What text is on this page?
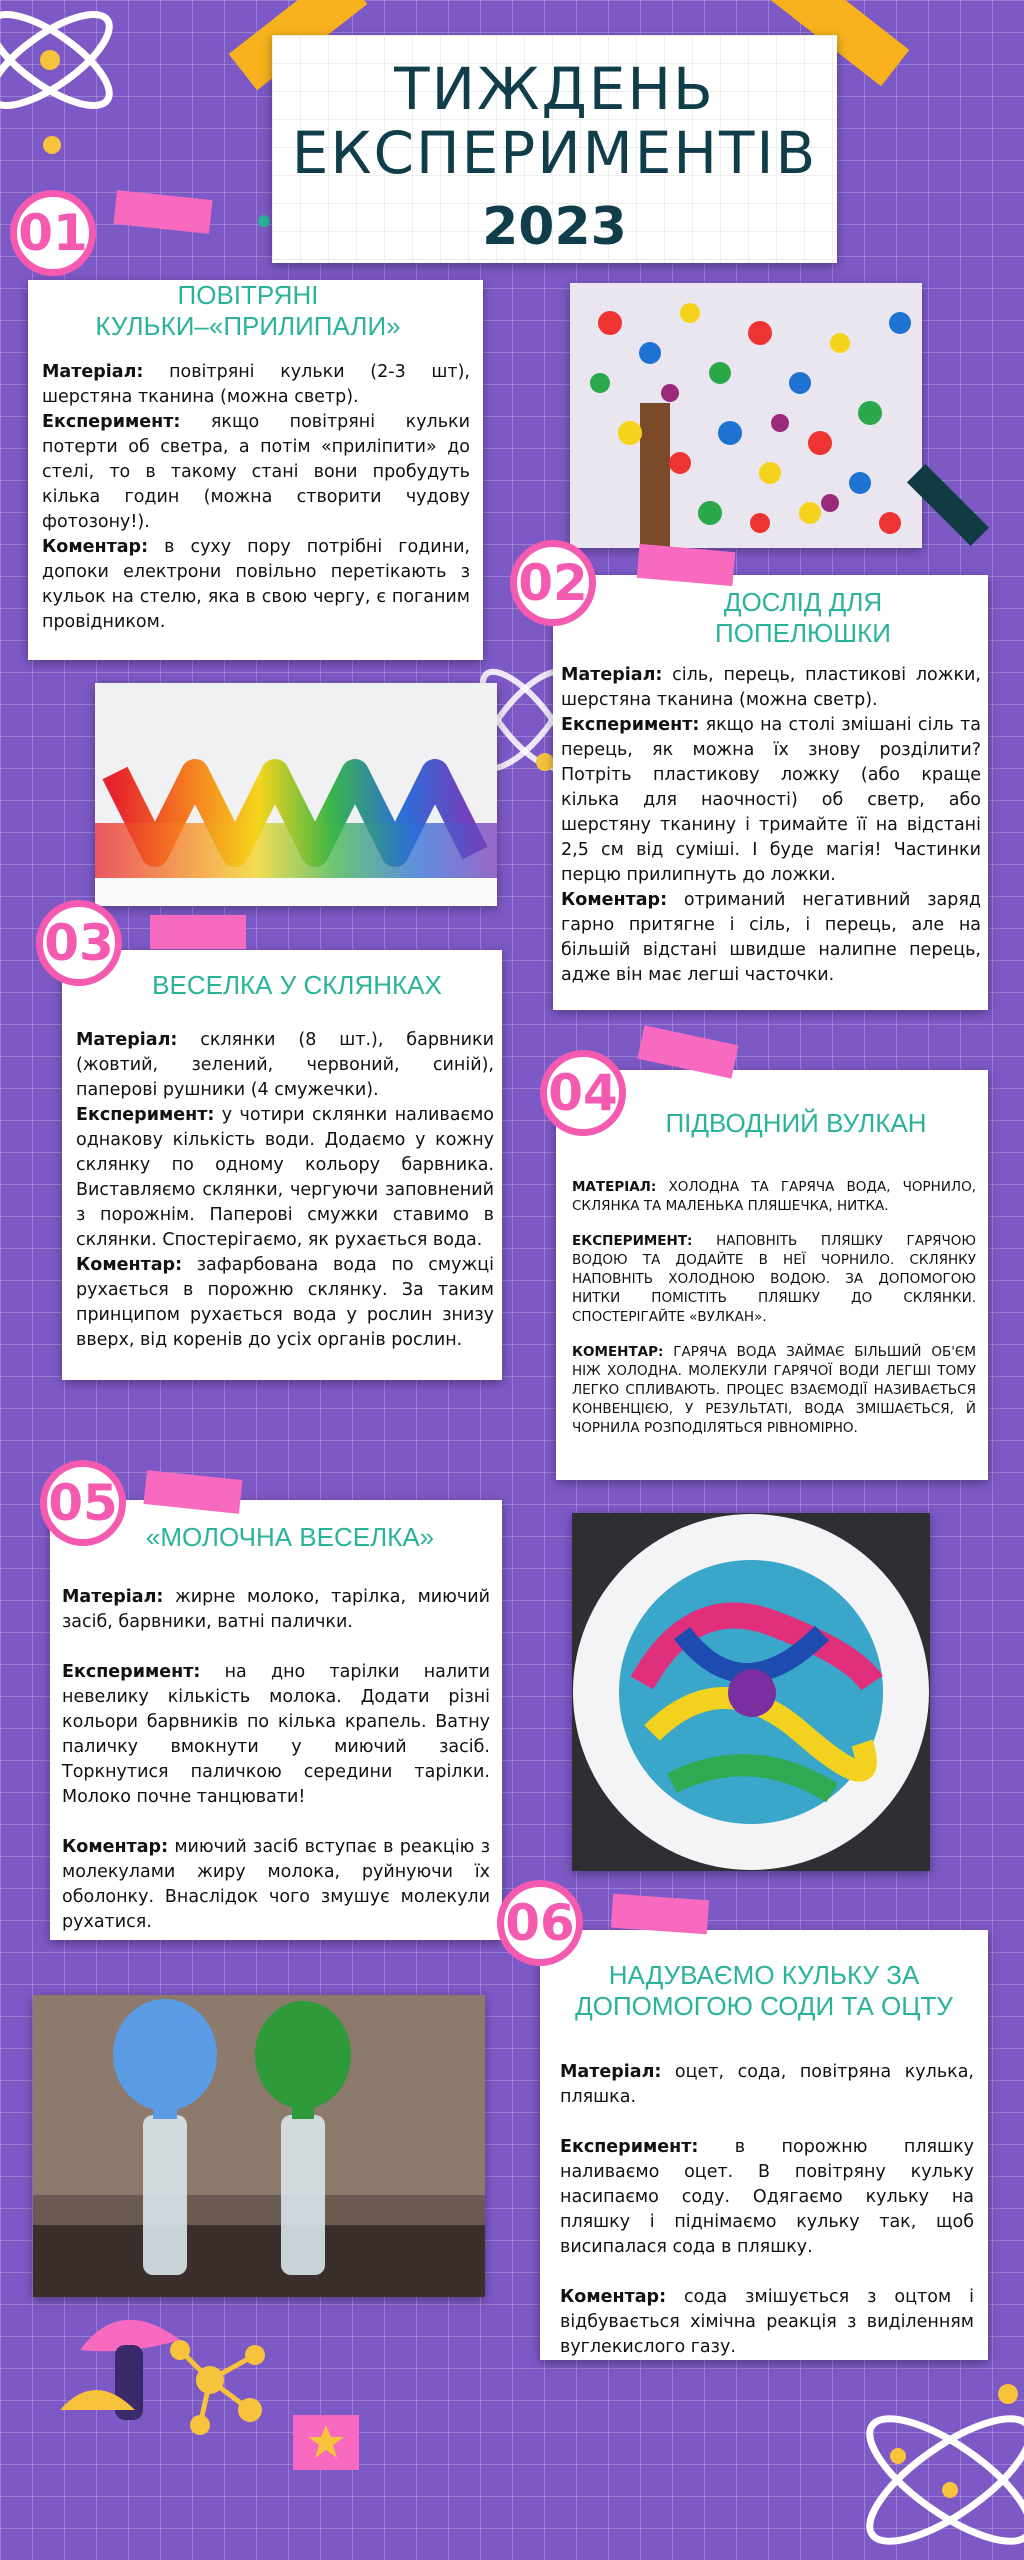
ТИЖДЕНЬ
ЕКСПЕРИМЕНТІВ
2023
ПОВІТРЯНІ КУЛЬКИ–«ПРИЛИПАЛИ»

Матеріал: повітряні кульки (2-3 шт), шерстяна тканина (можна светр).

Експеримент: якщо повітряні кульки потерти об светра, а потім «приліпити» до стелі, то в такому стані вони пробудуть кілька годин (можна створити чудову фотозону!).

Коментар: в суху пору потрібні години, допоки електрони повільно перетікають з кульок на стелю, яка в свою чергу, є поганим провідником.

01
ДОСЛІД ДЛЯ ПОПЕЛЮШКИ

Матеріал: сіль, перець, пластикові ложки, шерстяна тканина (можна светр).

Експеримент: якщо на столі змішані сіль та перець, як можна їх знову розділити? Потріть пластикову ложку (або краще кілька для наочності) об светр, або шерстяну тканину і тримайте її на відстані 2,5 см від суміші. І буде магія! Частинки перцю прилипнуть до ложки.

Коментар: отриманий негативний заряд гарно притягне і сіль, і перець, але на більшій відстані швидше налипне перець, адже він має легші часточки.

02
ВЕСЕЛКА У СКЛЯНКАХ

Матеріал: склянки (8 шт.), барвники (жовтий, зелений, червоний, синій), паперові рушники (4 смужечки).

Експеримент: у чотири склянки наливаємо однакову кількість води. Додаємо у кожну склянку по одному кольору барвника. Виставляємо склянки, чергуючи заповнений з порожнім. Паперові смужки ставимо в склянки. Спостерігаємо, як рухається вода.

Коментар: зафарбована вода по смужці рухається в порожню склянку. За таким принципом рухається вода у рослин знизу вверх, від коренів до усіх органів рослин.

03
ПІДВОДНИЙ ВУЛКАН

МАТЕРІАЛ: ХОЛОДНА ТА ГАРЯЧА ВОДА, ЧОРНИЛО, СКЛЯНКА ТА МАЛЕНЬКА ПЛЯШЕЧКА, НИТКА.

ЕКСПЕРИМЕНТ: НАПОВНІТЬ ПЛЯШКУ ГАРЯЧОЮ ВОДОЮ ТА ДОДАЙТЕ В НЕЇ ЧОРНИЛО. СКЛЯНКУ НАПОВНІТЬ ХОЛОДНОЮ ВОДОЮ. ЗА ДОПОМОГОЮ НИТКИ ПОМІСТІТЬ ПЛЯШКУ ДО СКЛЯНКИ. СПОСТЕРІГАЙТЕ «ВУЛКАН».

КОМЕНТАР: ГАРЯЧА ВОДА ЗАЙМАЄ БІЛЬШИЙ ОБ'ЄМ НІЖ ХОЛОДНА. МОЛЕКУЛИ ГАРЯЧОЇ ВОДИ ЛЕГШІ ТОМУ ЛЕГКО СПЛИВАЮТЬ. ПРОЦЕС ВЗАЄМОДІЇ НАЗИВАЄТЬСЯ КОНВЕНЦІЄЮ, У РЕЗУЛЬТАТІ, ВОДА ЗМІШАЄТЬСЯ, Й ЧОРНИЛА РОЗПОДІЛЯТЬСЯ РІВНОМІРНО.

04
«МОЛОЧНА ВЕСЕЛКА»

Матеріал: жирне молоко, тарілка, миючий засіб, барвники, ватні палички.

Експеримент: на дно тарілки налити невелику кількість молока. Додати різні кольори барвників по кілька крапель. Ватну паличку вмокнути у миючий засіб. Торкнутися паличкою середини тарілки. Молоко почне танцювати!

Коментар: миючий засіб вступає в реакцію з молекулами жиру молока, руйнуючи їх оболонку. Внаслідок чого змушує молекули рухатися.

05
НАДУВАЄМО КУЛЬКУ ЗА ДОПОМОГОЮ СОДИ ТА ОЦТУ

Матеріал: оцет, сода, повітряна кулька, пляшка.

Експеримент: в порожню пляшку наливаємо оцет. В повітряну кульку насипаємо соду. Одягаємо кульку на пляшку і піднімаємо кульку так, щоб висипалася сода в пляшку.

Коментар: сода змішується з оцтом і відбувається хімічна реакція з виділенням вуглекислого газу.

06
